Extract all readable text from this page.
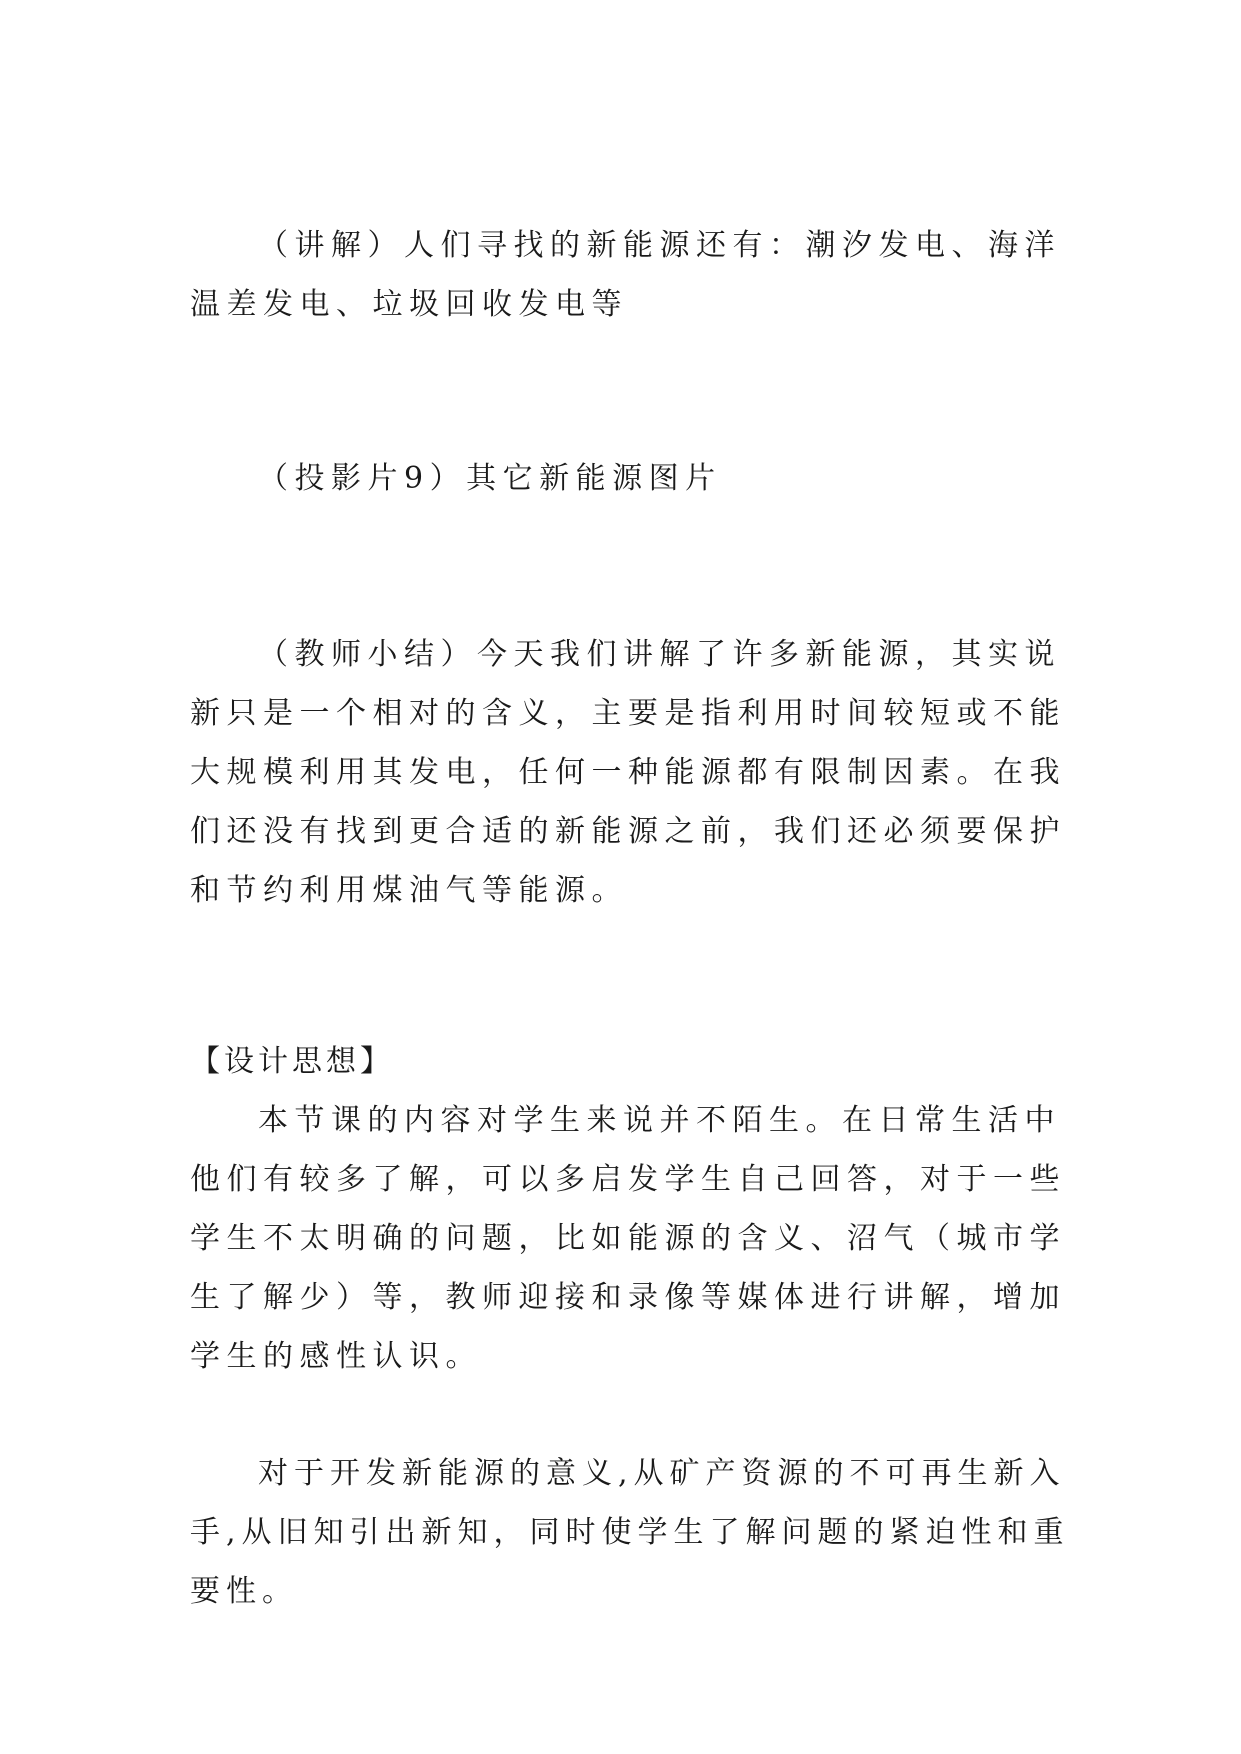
（讲解）人们寻找的新能源还有：潮汐发电、海洋温差发电、垃圾回收发电等

（投影片9）其它新能源图片

（教师小结）今天我们讲解了许多新能源，其实说新只是一个相对的含义，主要是指利用时间较短或不能大规模利用其发电，任何一种能源都有限制因素。在我们还没有找到更合适的新能源之前，我们还必须要保护和节约利用煤油气等能源。

【设计思想】

本节课的内容对学生来说并不陌生。在日常生活中他们有较多了解，可以多启发学生自己回答，对于一些学生不太明确的问题，比如能源的含义、沼气（城市学生了解少）等，教师迎接和录像等媒体进行讲解，增加学生的感性认识。

对于开发新能源的意义,从矿产资源的不可再生新入手,从旧知引出新知，同时使学生了解问题的紧迫性和重要性。
